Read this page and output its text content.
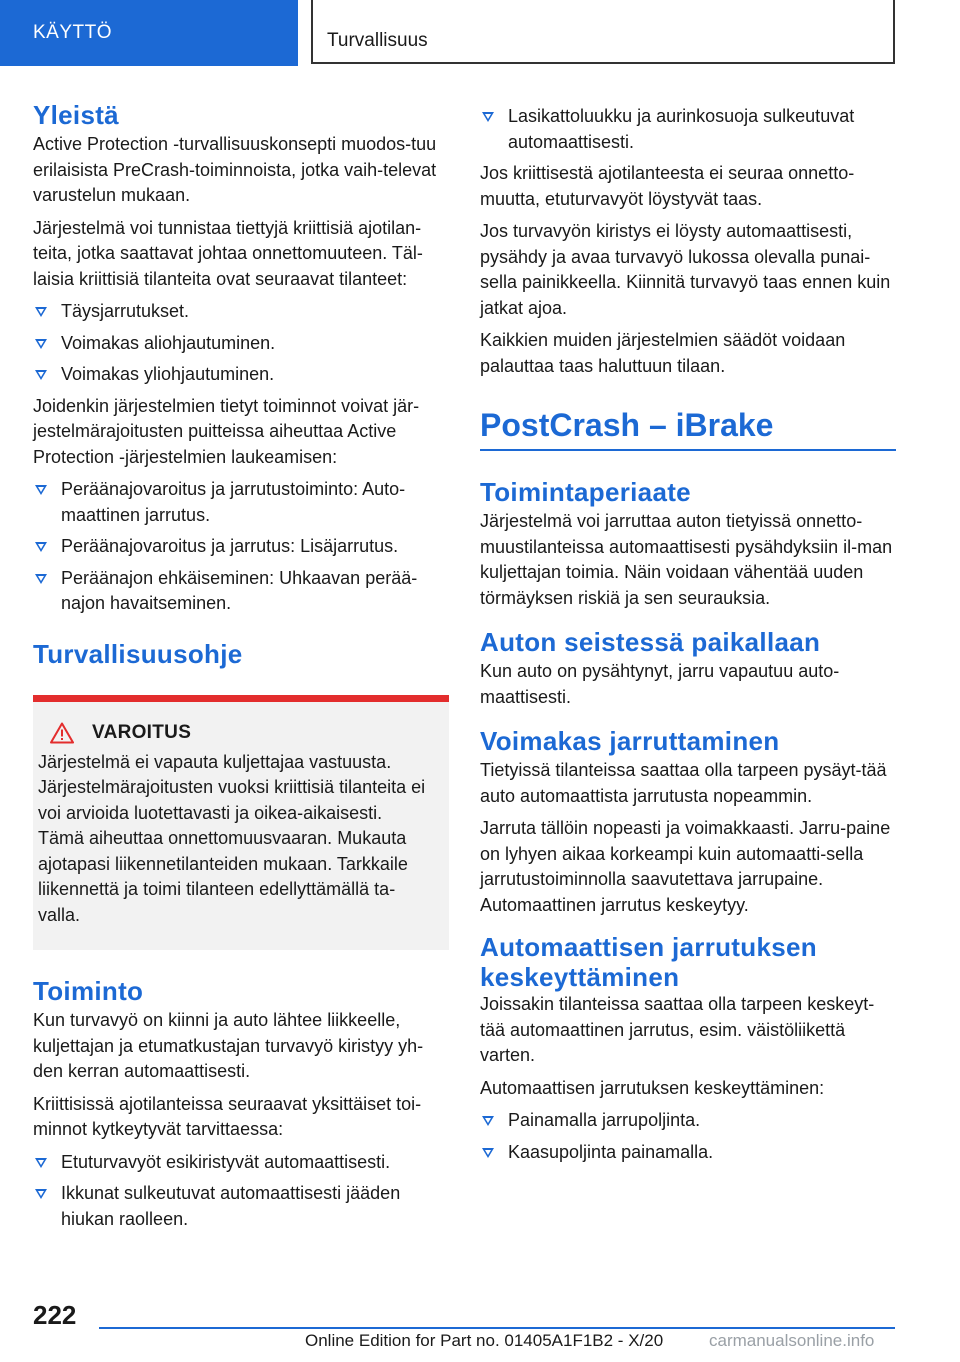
KÄYTTÖ	Turvallisuus
Yleistä

Active Protection -turvallisuuskonsepti muodos-tuu erilaisista PreCrash-toiminnoista, jotka vaih-televat varustelun mukaan.

Järjestelmä voi tunnistaa tiettyjä kriittisiä ajotilan-teita, jotka saattavat johtaa onnettomuuteen. Täl-laisia kriittisiä tilanteita ovat seuraavat tilanteet:

Täysjarrutukset.
Voimakas aliohjautuminen.
Voimakas yliohjautuminen.

Joidenkin järjestelmien tietyt toiminnot voivat jär-jestelmärajoitusten puitteissa aiheuttaa Active Protection -järjestelmien laukeamisen:

Peräänajovaroitus ja jarrutustoiminto: Auto-maattinen jarrutus.
Peräänajovaroitus ja jarrutus: Lisäjarrutus.
Peräänajon ehkäiseminen: Uhkaavan perää-najon havaitseminen.
Turvallisuusohje
VAROITUS

Järjestelmä ei vapauta kuljettajaa vastuusta. Järjestelmärajoitusten vuoksi kriittisiä tilanteita ei voi arvioida luotettavasti ja oikea-aikaisesti. Tämä aiheuttaa onnettomuusvaaran. Mukauta ajotapasi liikennetilanteiden mukaan. Tarkkaile liikennettä ja toimi tilanteen edellyttämällä ta-valla.

Toiminto

Kun turvavyö on kiinni ja auto lähtee liikkeelle, kuljettajan ja etumatkustajan turvavyö kiristyy yh-den kerran automaattisesti.

Kriittisissä ajotilanteissa seuraavat yksittäiset toi-minnot kytkeytyvät tarvittaessa:

Etuturvavyöt esikiristyvät automaattisesti.
Ikkunat sulkeutuvat automaattisesti jääden hiukan raolleen.
Lasikattoluukku ja aurinkosuoja sulkeutuvat automaattisesti.

Jos kriittisestä ajotilanteesta ei seuraa onnetto-muutta, etuturvavyöt löystyvät taas.

Jos turvavyön kiristys ei löysty automaattisesti, pysähdy ja avaa turvavyö lukossa olevalla punai-sella painikkeella. Kiinnitä turvavyö taas ennen kuin jatkat ajoa.

Kaikkien muiden järjestelmien säädöt voidaan palauttaa taas haluttuun tilaan.

PostCrash – iBrake
Toimintaperiaate

Järjestelmä voi jarruttaa auton tietyissä onnetto-muustilanteissa automaattisesti pysähdyksiin il-man kuljettajan toimia. Näin voidaan vähentää uuden törmäyksen riskiä ja sen seurauksia.

Auton seistessä paikallaan

Kun auto on pysähtynyt, jarru vapautuu auto-maattisesti.

Voimakas jarruttaminen

Tietyissä tilanteissa saattaa olla tarpeen pysäyt-tää auto automaattista jarrutusta nopeammin.

Jarruta tällöin nopeasti ja voimakkaasti. Jarru-paine on lyhyen aikaa korkeampi kuin automaatti-sella jarrutustoiminnolla saavutettava jarrupaine. Automaattinen jarrutus keskeytyy.

Automaattisen jarrutuksen keskeyttäminen

Joissakin tilanteissa saattaa olla tarpeen keskeyt-tää automaattinen jarrutus, esim. väistöliikettä varten.

Automaattisen jarrutuksen keskeyttäminen:

Painamalla jarrupoljinta.
Kaasupoljinta painamalla.
222
Online Edition for Part no. 01405A1F1B2 - X/20	carmanualsonline.info
